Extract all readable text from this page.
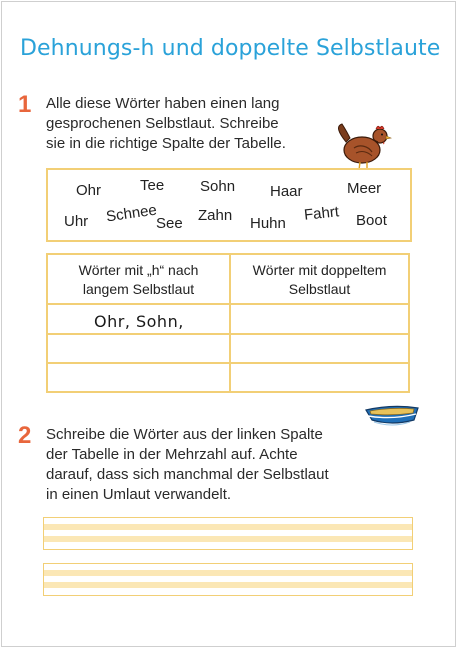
Dehnungs-h und doppelte Selbstlaute
1 Alle diese Wörter haben einen lang
gesprochenen Selbstlaut. Schreibe
sie in die richtige Spalte der Tabelle.
Ohr	Tee Sohn Haar	Meer
Uhr Schnee
See Zahn Huhn Fahrt Boot
Wörter mit „h“ nach
langem Selbstlaut
Wörter mit doppeltem
Selbstlaut
Ohr, Sohn,
2 Schreibe die Wörter aus der linken Spalte
der Tabelle in der Mehrzahl auf. Achte
darauf, dass sich manchmal der Selbstlaut
in einen Umlaut verwandelt.
